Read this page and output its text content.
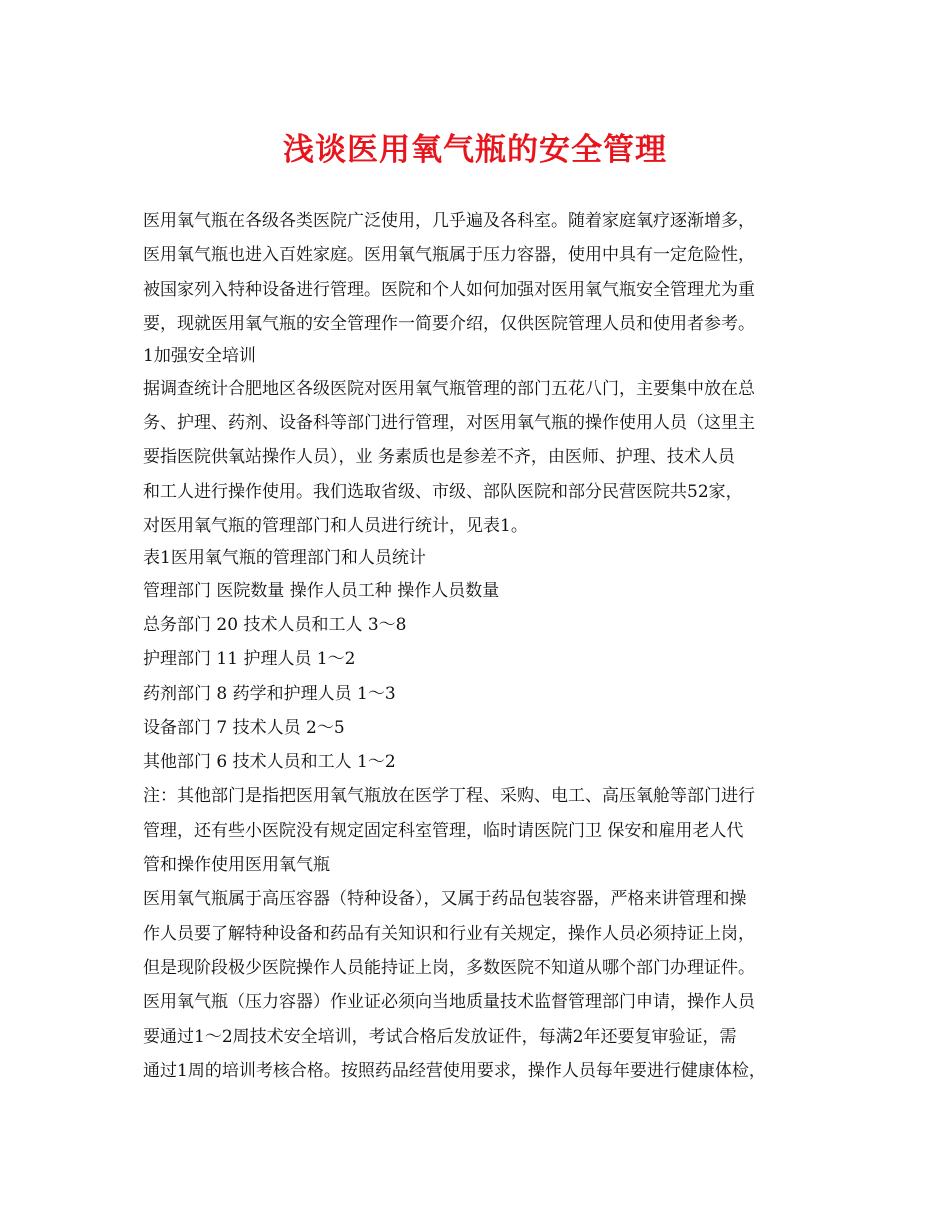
浅谈医用氧气瓶的安全管理
医用氧气瓶在各级各类医院广泛使用，几乎遍及各科室。随着家庭氧疗逐渐增多，
医用氧气瓶也进入百姓家庭。医用氧气瓶属于压力容器，使用中具有一定危险性，
被国家列入特种设备进行管理。医院和个人如何加强对医用氧气瓶安全管理尤为重
要，现就医用氧气瓶的安全管理作一简要介绍，仅供医院管理人员和使用者参考。
1加强安全培训
据调查统计合肥地区各级医院对医用氧气瓶管理的部门五花八门，主要集中放在总
务、护理、药剂、设备科等部门进行管理，对医用氧气瓶的操作使用人员（这里主
要指医院供氧站操作人员），业 务素质也是参差不齐，由医师、护理、技术人员
和工人进行操作使用。我们选取省级、市级、部队医院和部分民营医院共52家，
对医用氧气瓶的管理部门和人员进行统计，见表1。
表1医用氧气瓶的管理部门和人员统计
管理部门 医院数量 操作人员工种 操作人员数量
总务部门 20 技术人员和工人 3～8
护理部门 11 护理人员 1～2
药剂部门 8 药学和护理人员 1～3
设备部门 7 技术人员 2～5
其他部门 6 技术人员和工人 1～2
注：其他部门是指把医用氧气瓶放在医学丁程、采购、电工、高压氧舱等部门进行
管理，还有些小医院没有规定固定科室管理，临时请医院门卫 保安和雇用老人代
管和操作使用医用氧气瓶
医用氧气瓶属于高压容器（特种设备），又属于药品包装容器，严格来讲管理和操
作人员要了解特种设备和药品有关知识和行业有关规定，操作人员必须持证上岗，
但是现阶段极少医院操作人员能持证上岗，多数医院不知道从哪个部门办理证件。
医用氧气瓶（压力容器）作业证必须向当地质量技术监督管理部门申请，操作人员
要通过1～2周技术安全培训，考试合格后发放证件，每满2年还要复审验证，需
通过1周的培训考核合格。按照药品经营使用要求，操作人员每年要进行健康体检，
